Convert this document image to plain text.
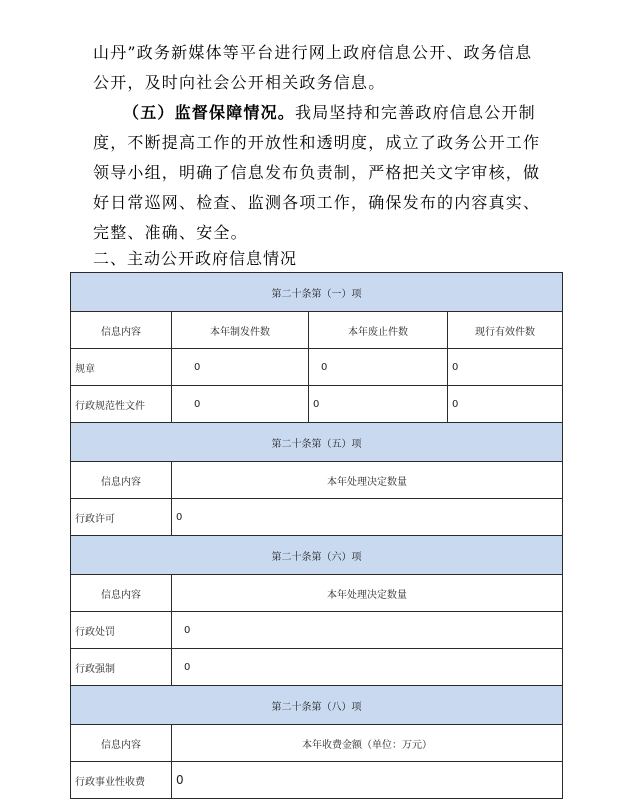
山丹”政务新媒体等平台进行网上政府信息公开、政务信息
公开，及时向社会公开相关政务信息。

（五）监督保障情况。我局坚持和完善政府信息公开制
度，不断提高工作的开放性和透明度，成立了政务公开工作
领导小组，明确了信息发布负责制，严格把关文字审核，做
好日常巡网、检查、监测各项工作，确保发布的内容真实、
完整、准确、安全。

二、主动公开政府信息情况
第二十条第（一）项			
信息内容	本年制发件数	本年废止件数	现行有效件数
规章	0	0	0
行政规范性文件	0	0	0
第二十条第（五）项			
信息内容	本年处理决定数量		
行政许可	0		
第二十条第（六）项			
信息内容	本年处理决定数量		
行政处罚	0		
行政强制	0		
第二十条第（八）项			
信息内容	本年收费金额（单位：万元）		
行政事业性收费	0		
